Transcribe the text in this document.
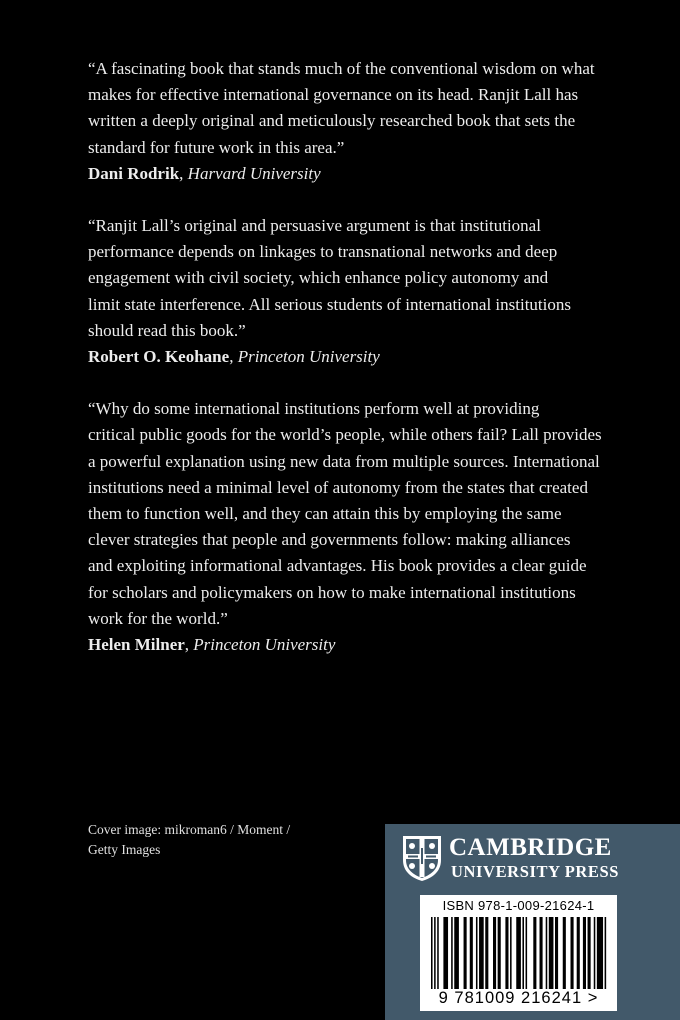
“A fascinating book that stands much of the conventional wisdom on what
makes for effective international governance on its head. Ranjit Lall has
written a deeply original and meticulously researched book that sets the
standard for future work in this area.”

Dani Rodrik, Harvard University

“Ranjit Lall’s original and persuasive argument is that institutional
performance depends on linkages to transnational networks and deep
engagement with civil society, which enhance policy autonomy and
limit state interference. All serious students of international institutions
should read this book.”

Robert O. Keohane, Princeton University

“Why do some international institutions perform well at providing
critical public goods for the world’s people, while others fail? Lall provides
a powerful explanation using new data from multiple sources. International
institutions need a minimal level of autonomy from the states that created
them to function well, and they can attain this by employing the same
clever strategies that people and governments follow: making alliances
and exploiting informational advantages. His book provides a clear guide
for scholars and policymakers on how to make international institutions
work for the world.”

Helen Milner, Princeton University

Cover image: mikroman6 / Moment /
Getty Images	CAMBRIDGE
UNIVERSITY PRESS
ISBN 978-1-009-21624-1
9 781009 216241 >
